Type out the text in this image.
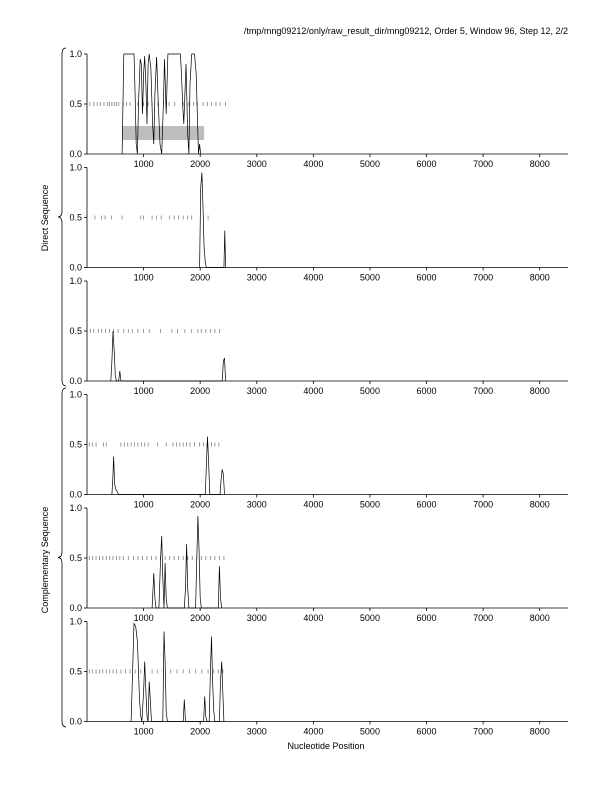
/tmp/mng09212/only/raw_result_dir/mng09212, Order 5, Window 96, Step 12, 2/2
Direct Sequence
Complementary Sequence
0.0
0.5
1.0
1000	2000	3000	4000	5000	6000	7000	8000
0.0
0.5
1.0
1000	2000	3000	4000	5000	6000	7000	8000
0.0
0.5
1.0
1000	2000	3000	4000	5000	6000	7000	8000
0.0
0.5
1.0
1000	2000	3000	4000	5000	6000	7000	8000
0.0
0.5
1.0
1000	2000	3000	4000	5000	6000	7000	8000
0.0
0.5
1.0
1000	2000	3000	4000	5000	6000	7000	8000
Nucleotide Position
